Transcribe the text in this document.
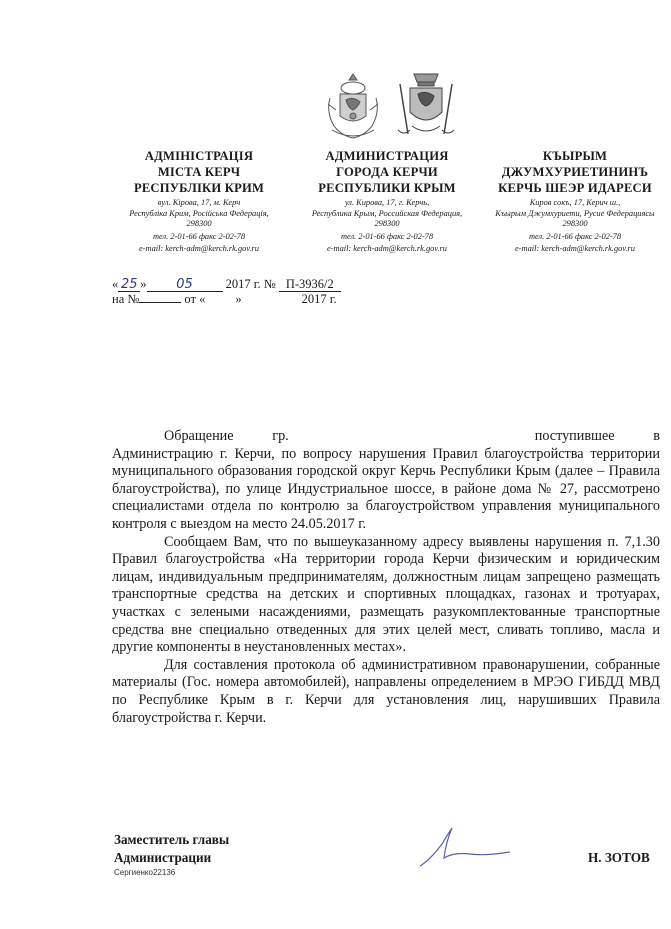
АДМІНІСТРАЦІЯ
МІСТА КЕРЧ
РЕСПУБЛІКИ КРИМ
вул. Кірова, 17, м. Керч
Республіка Крим, Російська Федерація,
298300
тел. 2-01-66 факс 2-02-78
e-mail: kerch-adm@kerch.rk.gov.ru
АДМИНИСТРАЦИЯ
ГОРОДА КЕРЧИ
РЕСПУБЛИКИ КРЫМ
ул. Кирова, 17, г. Керчь,
Республика Крым, Российская Федерация,
298300
тел. 2-01-66 факс 2-02-78
e-mail: kerch-adm@kerch.rk.gov.ru
КЪЫРЫМ
ДЖУМХУРИЕТИНИНЪ
КЕРЧЬ ШЕЭР ИДАРЕСИ
Киров сокъ, 17, Керич ш.,
Къырым Джумхуриети, Русие Федерацияcы
298300
тел. 2-01-66 факс 2-02-78
e-mail: kerch-adm@kerch.rk.gov.ru
« 25 » 05	2017 г. № П-3936/2
на №	от « »	2017 г.

Обращение гр.	поступившее в Администрацию г. Керчи, по вопросу нарушения Правил благоустройства территории муниципального образования городской округ Керчь Республики Крым (далее – Правила благоустройства), по улице Индустриальное шоссе, в районе дома № 27, рассмотрено специалистами отдела по контролю за благоустройством управления муниципального контроля с выездом на место 24.05.2017 г.

Сообщаем Вам, что по вышеуказанному адресу выявлены нарушения п. 7,1.30 Правил благоустройства «На территории города Керчи физическим и юридическим лицам, индивидуальным предпринимателям, должностным лицам запрещено размещать транспортные средства на детских и спортивных площадках, газонах и тротуарах, участках с зелеными насаждениями, размещать разукомплектованные транспортные средства вне специально отведенных для этих целей мест, сливать топливо, масла и другие компоненты в неустановленных местах».

Для составления протокола об административном правонарушении, собранные материалы (Гос. номера автомобилей), направлены определением в МРЭО ГИБДД МВД по Республике Крым в г. Керчи для установления лиц, нарушивших Правила благоустройства г. Керчи.

Заместитель главы
Администрации	Н. ЗОТОВ
Сергиенко22136
